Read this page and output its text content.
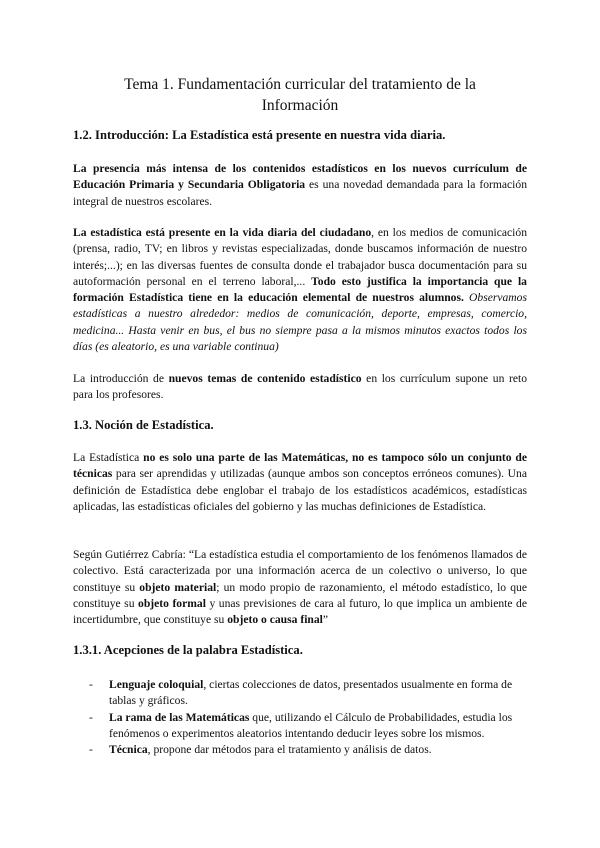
Tema 1. Fundamentación curricular del tratamiento de la
Información
1.2. Introducción: La Estadística está presente en nuestra vida diaria.

La presencia más intensa de los contenidos estadísticos en los nuevos currículum de Educación Primaria y Secundaria Obligatoria es una novedad demandada para la formación integral de nuestros escolares.

La estadística está presente en la vida diaria del ciudadano, en los medios de comunicación (prensa, radio, TV; en libros y revistas especializadas, donde buscamos información de nuestro interés;...); en las diversas fuentes de consulta donde el trabajador busca documentación para su autoformación personal en el terreno laboral,... Todo esto justifica la importancia que la formación Estadística tiene en la educación elemental de nuestros alumnos. Observamos estadísticas a nuestro alrededor: medios de comunicación, deporte, empresas, comercio, medicina... Hasta venir en bus, el bus no siempre pasa a la mismos minutos exactos todos los días (es aleatorio, es una variable continua)

La introducción de nuevos temas de contenido estadístico en los currículum supone un reto para los profesores.

1.3. Noción de Estadística.

La Estadística no es solo una parte de las Matemáticas, no es tampoco sólo un conjunto de técnicas para ser aprendidas y utilizadas (aunque ambos son conceptos erróneos comunes). Una definición de Estadística debe englobar el trabajo de los estadísticos académicos, estadísticas aplicadas, las estadísticas oficiales del gobierno y las muchas definiciones de Estadística.

Según Gutiérrez Cabría: “La estadística estudia el comportamiento de los fenómenos llamados de colectivo. Está caracterizada por una información acerca de un colectivo o universo, lo que constituye su objeto material; un modo propio de razonamiento, el método estadístico, lo que constituye su objeto formal y unas previsiones de cara al futuro, lo que implica un ambiente de incertidumbre, que constituye su objeto o causa final”

1.3.1. Acepciones de la palabra Estadística.
- Lenguaje coloquial, ciertas colecciones de datos, presentados usualmente en forma de tablas y gráficos.
- La rama de las Matemáticas que, utilizando el Cálculo de Probabilidades, estudia los fenómenos o experimentos aleatorios intentando deducir leyes sobre los mismos.
- Técnica, propone dar métodos para el tratamiento y análisis de datos.
